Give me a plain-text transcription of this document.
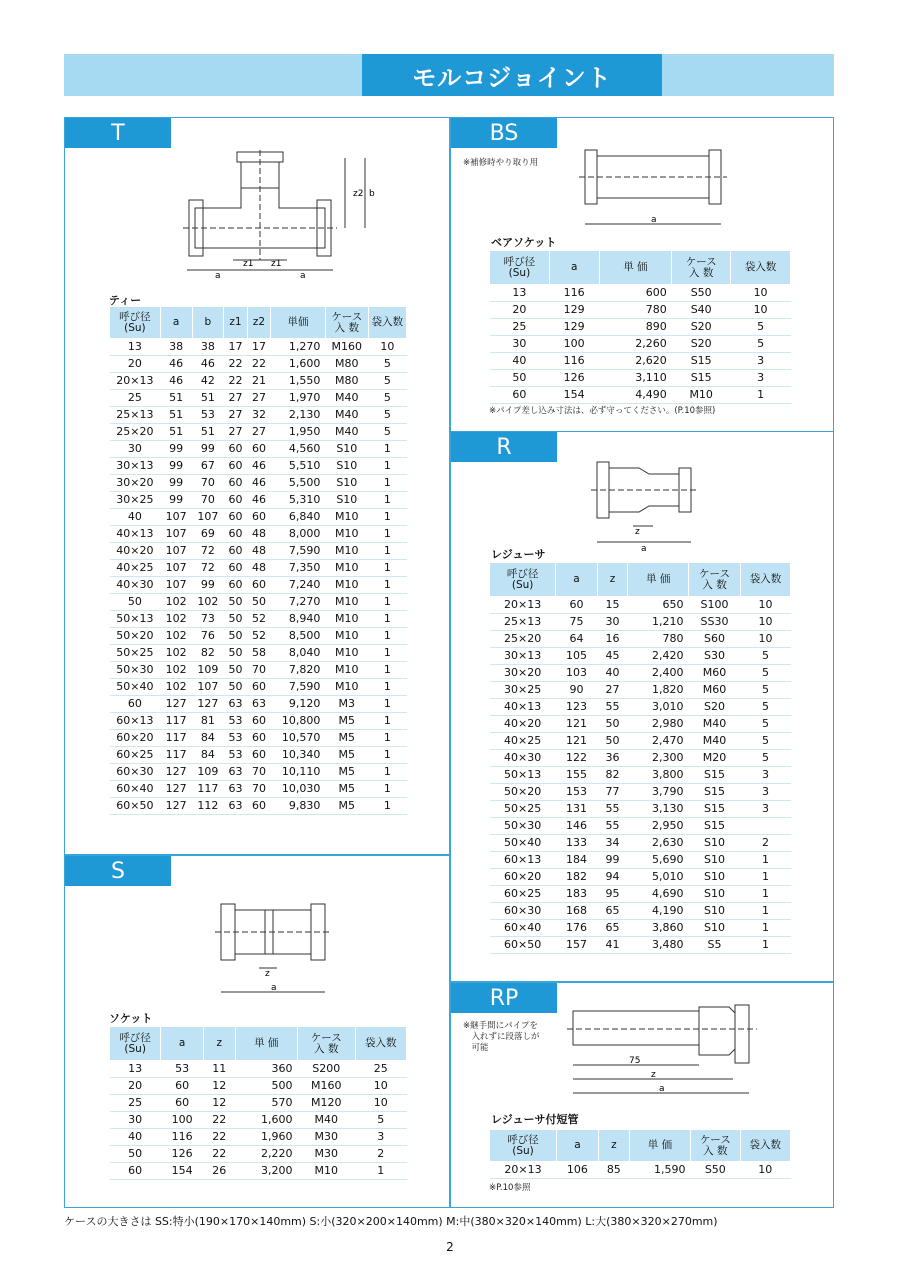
モルコジョイント
T
z2 b
z1 z1
a	a
ティー
呼び径
(Su)	a	b	z1	z2	単価	ケース
入 数	袋入数
13	38	38	17	17	1,270	M160	10
20	46	46	22	22	1,600	M80	5
20×13	46	42	22	21	1,550	M80	5
25	51	51	27	27	1,970	M40	5
25×13	51	53	27	32	2,130	M40	5
25×20	51	51	27	27	1,950	M40	5
30	99	99	60	60	4,560	S10	1
30×13	99	67	60	46	5,510	S10	1
30×20	99	70	60	46	5,500	S10	1
30×25	99	70	60	46	5,310	S10	1
40	107	107	60	60	6,840	M10	1
40×13	107	69	60	48	8,000	M10	1
40×20	107	72	60	48	7,590	M10	1
40×25	107	72	60	48	7,350	M10	1
40×30	107	99	60	60	7,240	M10	1
50	102	102	50	50	7,270	M10	1
50×13	102	73	50	52	8,940	M10	1
50×20	102	76	50	52	8,500	M10	1
50×25	102	82	50	58	8,040	M10	1
50×30	102	109	50	70	7,820	M10	1
50×40	102	107	50	60	7,590	M10	1
60	127	127	63	63	9,120	M3	1
60×13	117	81	53	60	10,800	M5	1
60×20	117	84	53	60	10,570	M5	1
60×25	117	84	53	60	10,340	M5	1
60×30	127	109	63	70	10,110	M5	1
60×40	127	117	63	70	10,030	M5	1
60×50	127	112	63	60	9,830	M5	1
S
z
a
ソケット
呼び径
(Su)	a	z	単 価	ケース
入 数	袋入数
13	53	11	360	S200	25
20	60	12	500	M160	10
25	60	12	570	M120	10
30	100	22	1,600	M40	5
40	116	22	1,960	M30	3
50	126	22	2,220	M30	2
60	154	26	3,200	M10	1
BS
※補修時やり取り用
a
ベアソケット
呼び径
(Su)	a	単 価	ケース
入 数	袋入数
13	116	600	S50	10
20	129	780	S40	10
25	129	890	S20	5
30	100	2,260	S20	5
40	116	2,620	S15	3
50	126	3,110	S15	3
60	154	4,490	M10	1
※パイプ差し込み寸法は、必ず守ってください。(P.10参照)
R
z
a
レジューサ
呼び径
(Su)	a	z	単 価	ケース
入 数	袋入数
20×13	60	15	650	S100	10
25×13	75	30	1,210	SS30	10
25×20	64	16	780	S60	10
30×13	105	45	2,420	S30	5
30×20	103	40	2,400	M60	5
30×25	90	27	1,820	M60	5
40×13	123	55	3,010	S20	5
40×20	121	50	2,980	M40	5
40×25	121	50	2,470	M40	5
40×30	122	36	2,300	M20	5
50×13	155	82	3,800	S15	3
50×20	153	77	3,790	S15	3
50×25	131	55	3,130	S15	3
50×30	146	55	2,950	S15	
50×40	133	34	2,630	S10	2
60×13	184	99	5,690	S10	1
60×20	182	94	5,010	S10	1
60×25	183	95	4,690	S10	1
60×30	168	65	4,190	S10	1
60×40	176	65	3,860	S10	1
60×50	157	41	3,480	S5	1
RP
※継手間にパイプを
　入れずに段落しが
　可能
75
z
a
レジューサ付短管
呼び径
(Su)	a	z	単 価	ケース
入 数	袋入数
20×13	106	85	1,590	S50	10
※P.10参照
ケースの大きさは SS:特小(190×170×140mm) S:小(320×200×140mm) M:中(380×320×140mm) L:大(380×320×270mm)
2
